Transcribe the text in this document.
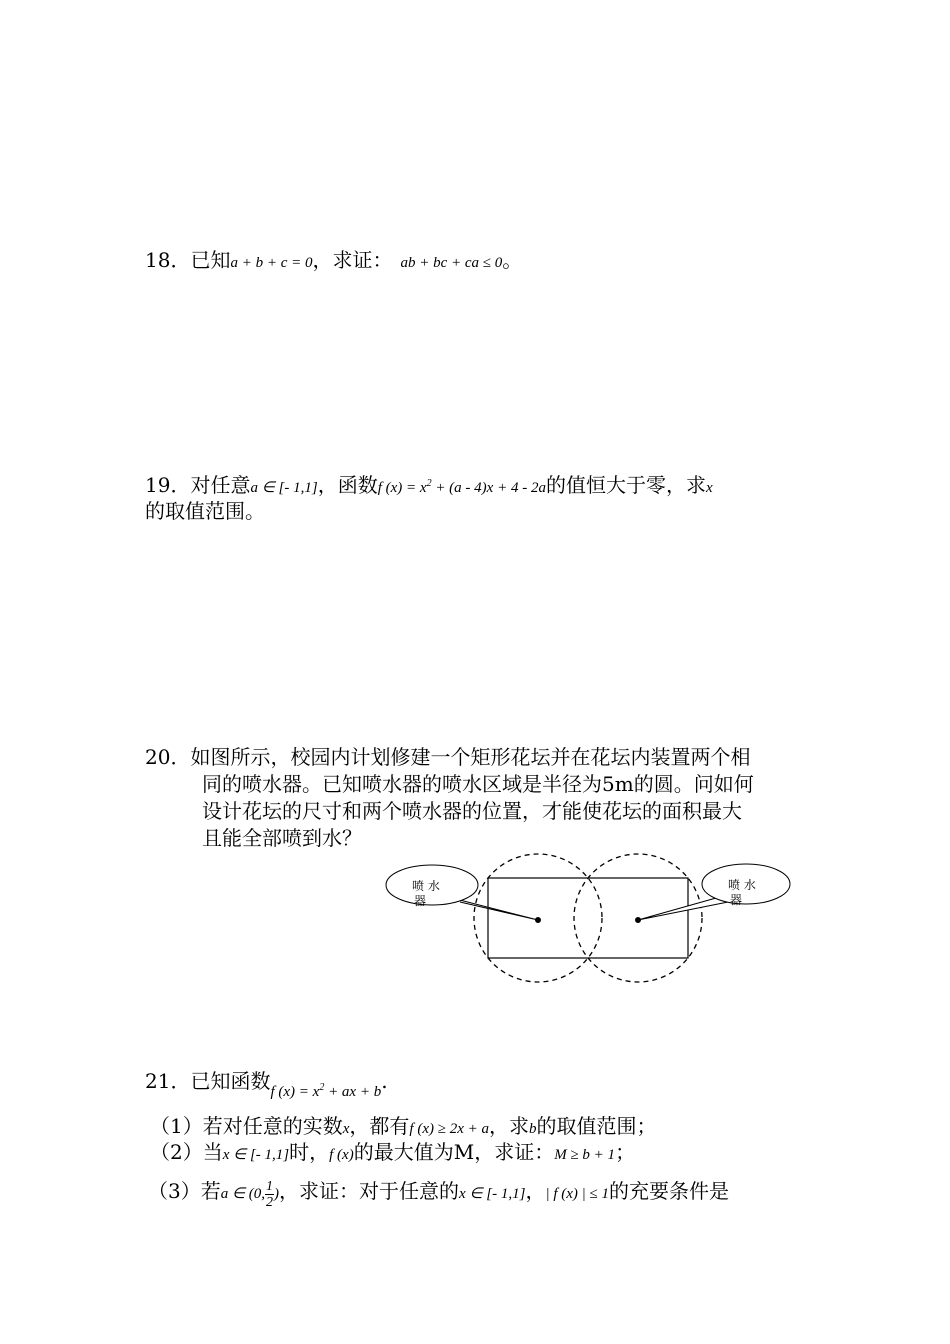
18．已知a + b + c = 0，求证： ab + bc + ca ≤ 0。
19．对任意a ∈ [- 1,1]，函数f $(x) = x^2 + (a - 4)x + 4 - 2a$的值恒大于零，求x
的取值范围。
20．如图所示，校园内计划修建一个矩形花坛并在花坛内装置两个相
同的喷水器。已知喷水器的喷水区域是半径为5m的圆。问如何
设计花坛的尺寸和两个喷水器的位置，才能使花坛的面积最大
且能全部喷到水？
喷 水
器
喷 水
器
21．已知函数$_{f (x) = x^2 + ax + b}$.
（1）若对任意的实数x，都有f (x) ≥ 2x + a，求b的取值范围；
（2）当x ∈ [- 1,1]时，f (x)的最大值为M，求证：M ≥ b + 1；
（3）若a ∈ (0, $\frac{1}{2}$ )，求证：对于任意的x ∈ [- 1,1]，| f (x) | ≤ 1的充要条件是
